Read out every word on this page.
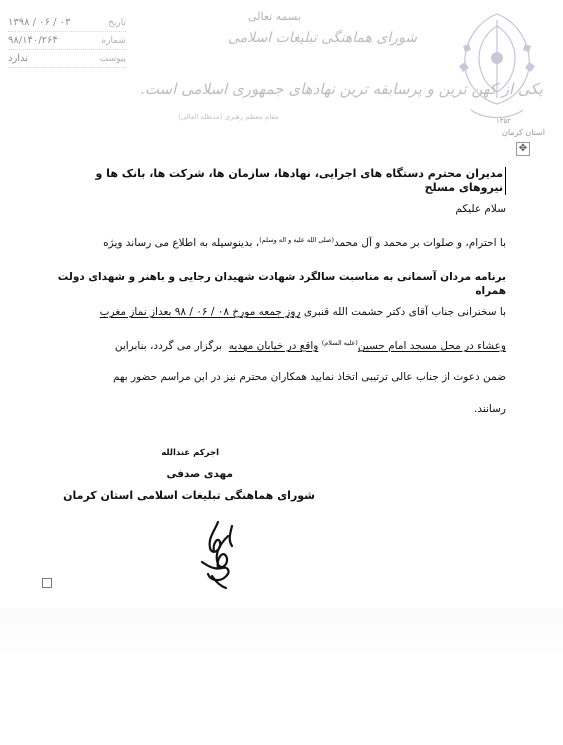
۱۳۵۲
استان کرمان
بسمه تعالی
شورای هماهنگی تبلیغات اسلامی
یکی از کهن ترین و پرسابقه ترین نهادهای جمهوری اسلامی است.
مقام معظم رهبری (مدظله العالی)
تاریخ
۰۳ / ۰۶ / ۱۳۹۸
شماره
۹۸/۱۴۰/۲۶۴
پیوست
ندارد
✥
مدیران محترم دستگاه های اجرایی، نهادها، سازمان ها، شرکت ها، بانک ها و نیروهای مسلح
سلام علیکم
با احترام، و صلوات بر محمد و آل محمد$^{(صلی الله علیه و اله وسلم)}$، بدینوسیله به اطلاع می رساند ویژه
برنامه مردان آسمانی به مناسبت سالگرد شهادت شهیدان رجایی و باهنر و شهدای دولت همراه
با سخنرانی جناب آقای دکتر حشمت الله قنبری روز جمعه مورخ ۰۸ / ۰۶ / ۹۸ بعداز نماز مغرب
وعشاء در محل مسجد امام حسین$^{(علیه السلام)}$ واقع در خیابان مهدیه  برگزار می گردد، بنابراین
ضمن دعوت از جناب عالی ترتیبی اتخاذ نمایید همکاران محترم نیز در این مراسم حضور بهم
رسانند.
اجرکم عندالله
مهدی صدفی
شورای هماهنگی تبلیغات اسلامی استان کرمان
